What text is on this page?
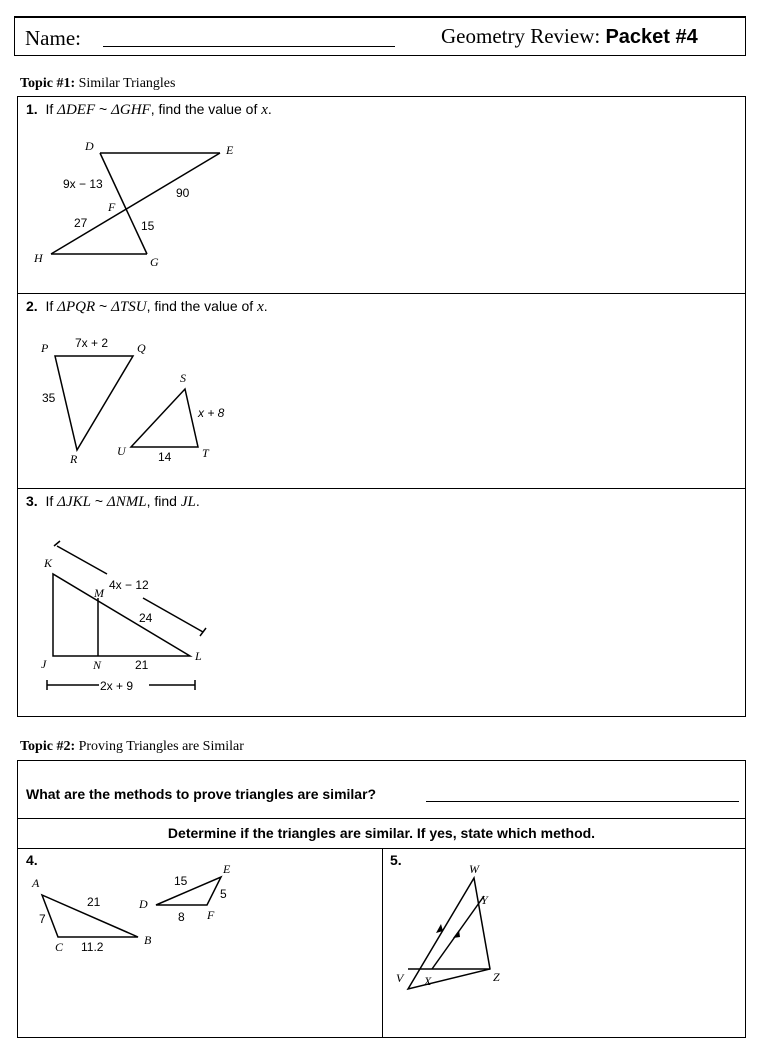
Name:	Geometry Review: Packet #4
Topic #1: Similar Triangles
1. If ΔDEF ~ ΔGHF, find the value of x.
D	E
F
H	G
9x − 13
90
27	15
2. If ΔPQR ~ ΔTSU, find the value of x.
P	Q
R
S
T
U
7x + 2
35
x + 8
14
3. If ΔJKL ~ ΔNML, find JL.
K
M
J	N
L
4x − 12
24
21
2x + 9
Topic #2: Proving Triangles are Similar
What are the methods to prove triangles are similar?
Determine if the triangles are similar. If yes, state which method.
4.	5.
A
B
C
D
E
F
7
21
11.2
15
5
8
W
Y
V X	Z
